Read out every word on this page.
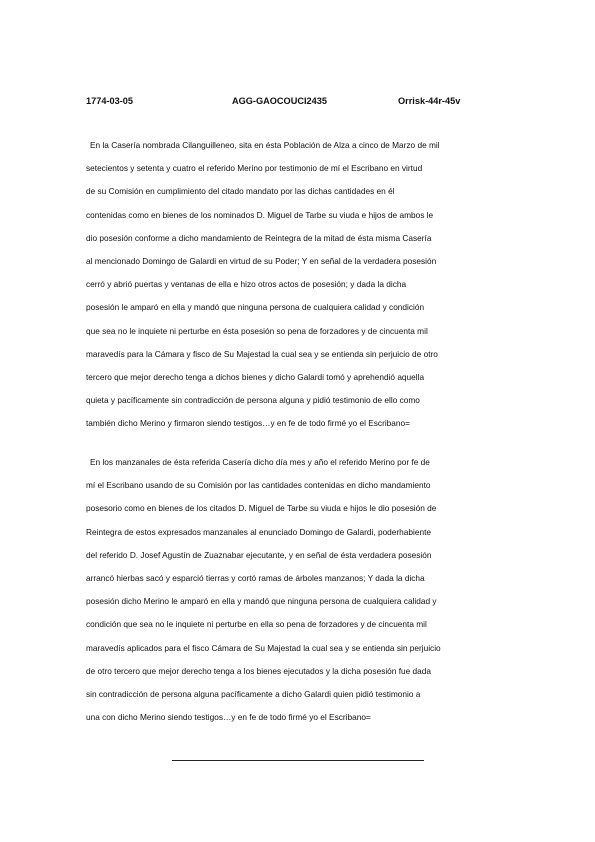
1774-03-05	AGG-GAOCOUCI2435	Orrisk-44r-45v
En la Casería nombrada Cilanguilleneo, sita en ésta Población de Alza a cinco de Marzo de mil
setecientos y setenta y cuatro el referido Merino por testimonio de mí el Escribano en virtud
de su Comisión en cumplimiento del citado mandato por las dichas cantidades en él
contenidas como en bienes de los nominados D. Miguel de Tarbe su viuda e hijos de ambos le
dio posesión conforme a dicho mandamiento de Reintegra de la mitad de ésta misma Casería
al mencionado Domingo de Galardi en virtud de su Poder; Y en señal de la verdadera posesión
cerró y abrió puertas y ventanas de ella e hizo otros actos de posesión; y dada la dicha
posesión le amparó en ella y mandó que ninguna persona de cualquiera calidad y condición
que sea no le inquiete ni perturbe en ésta posesión so pena de forzadores y de cincuenta mil
maravedís para la Cámara y fisco de Su Majestad la cual sea y se entienda sin perjuicio de otro
tercero que mejor derecho tenga a dichos bienes y dicho Galardi tomó y aprehendió aquella
quieta y pacíficamente sin contradicción de persona alguna y pidió testimonio de ello como
también dicho Merino y firmaron siendo testigos…y en fe de todo firmé yo el Escribano=
En los manzanales de ésta referida Casería dicho día mes y año el referido Merino por fe de
mí el Escribano usando de su Comisión por las cantidades contenidas en dicho mandamiento
posesorio como en bienes de los citados D. Miguel de Tarbe su viuda e hijos le dio posesión de
Reintegra de estos expresados manzanales al enunciado Domingo de Galardi, poderhabiente
del referido D. Josef Agustín de Zuaznabar ejecutante, y en señal de ésta verdadera posesión
arrancó hierbas sacó y esparció tierras y cortó ramas de árboles manzanos; Y dada la dicha
posesión dicho Merino le amparó en ella y mandó que ninguna persona de cualquiera calidad y
condición que sea no le inquiete ni perturbe en ella so pena de forzadores y de cincuenta mil
maravedís aplicados para el fisco Cámara de Su Majestad la cual sea y se entienda sin perjuicio
de otro tercero que mejor derecho tenga a los bienes ejecutados y la dicha posesión fue dada
sin contradicción de persona alguna pacíficamente a dicho Galardi quien pidió testimonio a
una con dicho Merino siendo testigos…y en fe de todo firmé yo el Escribano=
